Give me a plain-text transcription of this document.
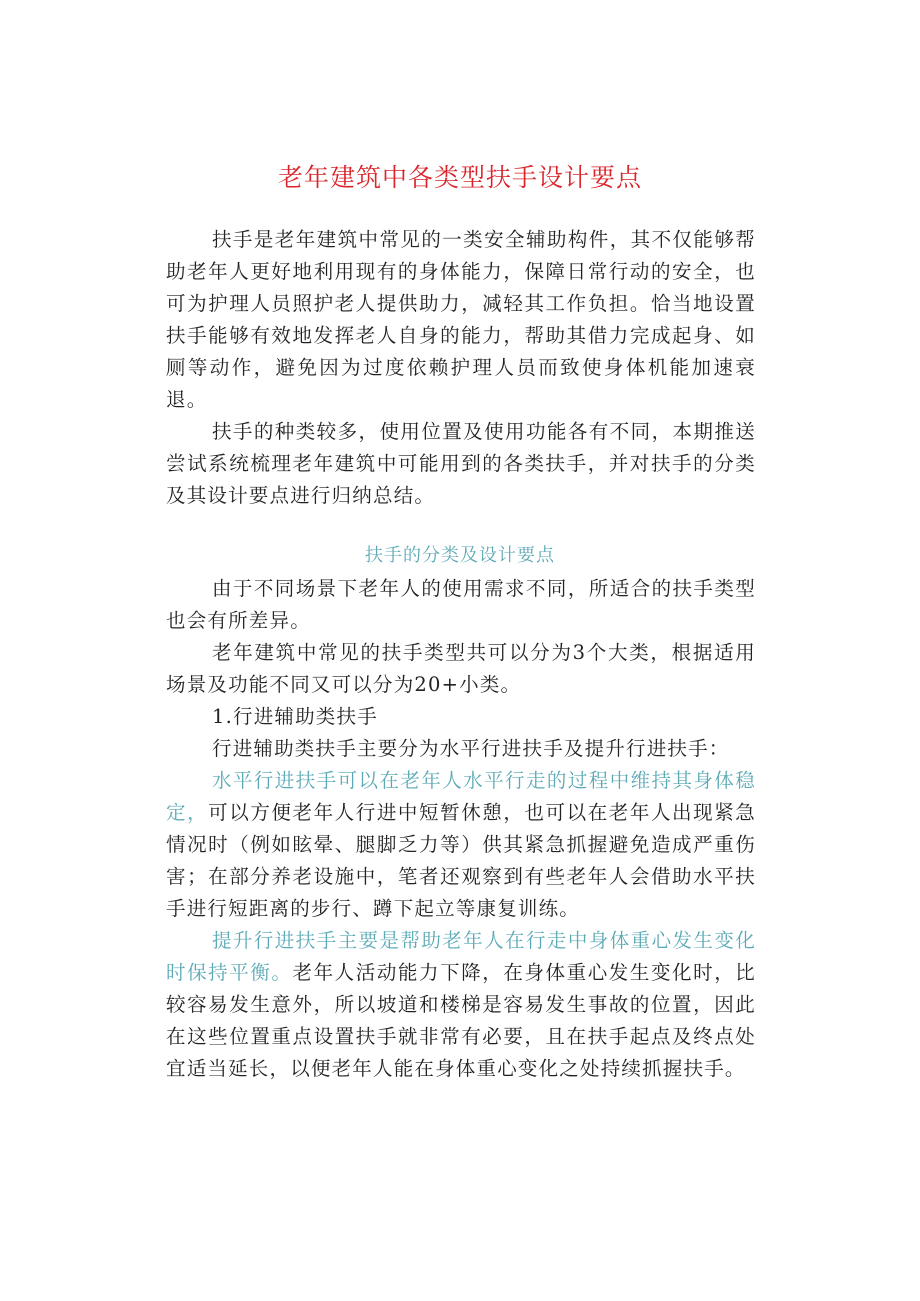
老年建筑中各类型扶手设计要点

扶手是老年建筑中常见的一类安全辅助构件，其不仅能够帮助老年人更好地利用现有的身体能力，保障日常行动的安全，也可为护理人员照护老人提供助力，减轻其工作负担。恰当地设置扶手能够有效地发挥老人自身的能力，帮助其借力完成起身、如厕等动作，避免因为过度依赖护理人员而致使身体机能加速衰退。

扶手的种类较多，使用位置及使用功能各有不同，本期推送尝试系统梳理老年建筑中可能用到的各类扶手，并对扶手的分类及其设计要点进行归纳总结。

扶手的分类及设计要点

由于不同场景下老年人的使用需求不同，所适合的扶手类型也会有所差异。

老年建筑中常见的扶手类型共可以分为3个大类，根据适用场景及功能不同又可以分为20+小类。

1.行进辅助类扶手

行进辅助类扶手主要分为水平行进扶手及提升行进扶手：

水平行进扶手可以在老年人水平行走的过程中维持其身体稳定，可以方便老年人行进中短暂休憩，也可以在老年人出现紧急情况时（例如眩晕、腿脚乏力等）供其紧急抓握避免造成严重伤害；在部分养老设施中，笔者还观察到有些老年人会借助水平扶手进行短距离的步行、蹲下起立等康复训练。

提升行进扶手主要是帮助老年人在行走中身体重心发生变化时保持平衡。老年人活动能力下降，在身体重心发生变化时，比较容易发生意外，所以坡道和楼梯是容易发生事故的位置，因此在这些位置重点设置扶手就非常有必要，且在扶手起点及终点处宜适当延长，以便老年人能在身体重心变化之处持续抓握扶手。
